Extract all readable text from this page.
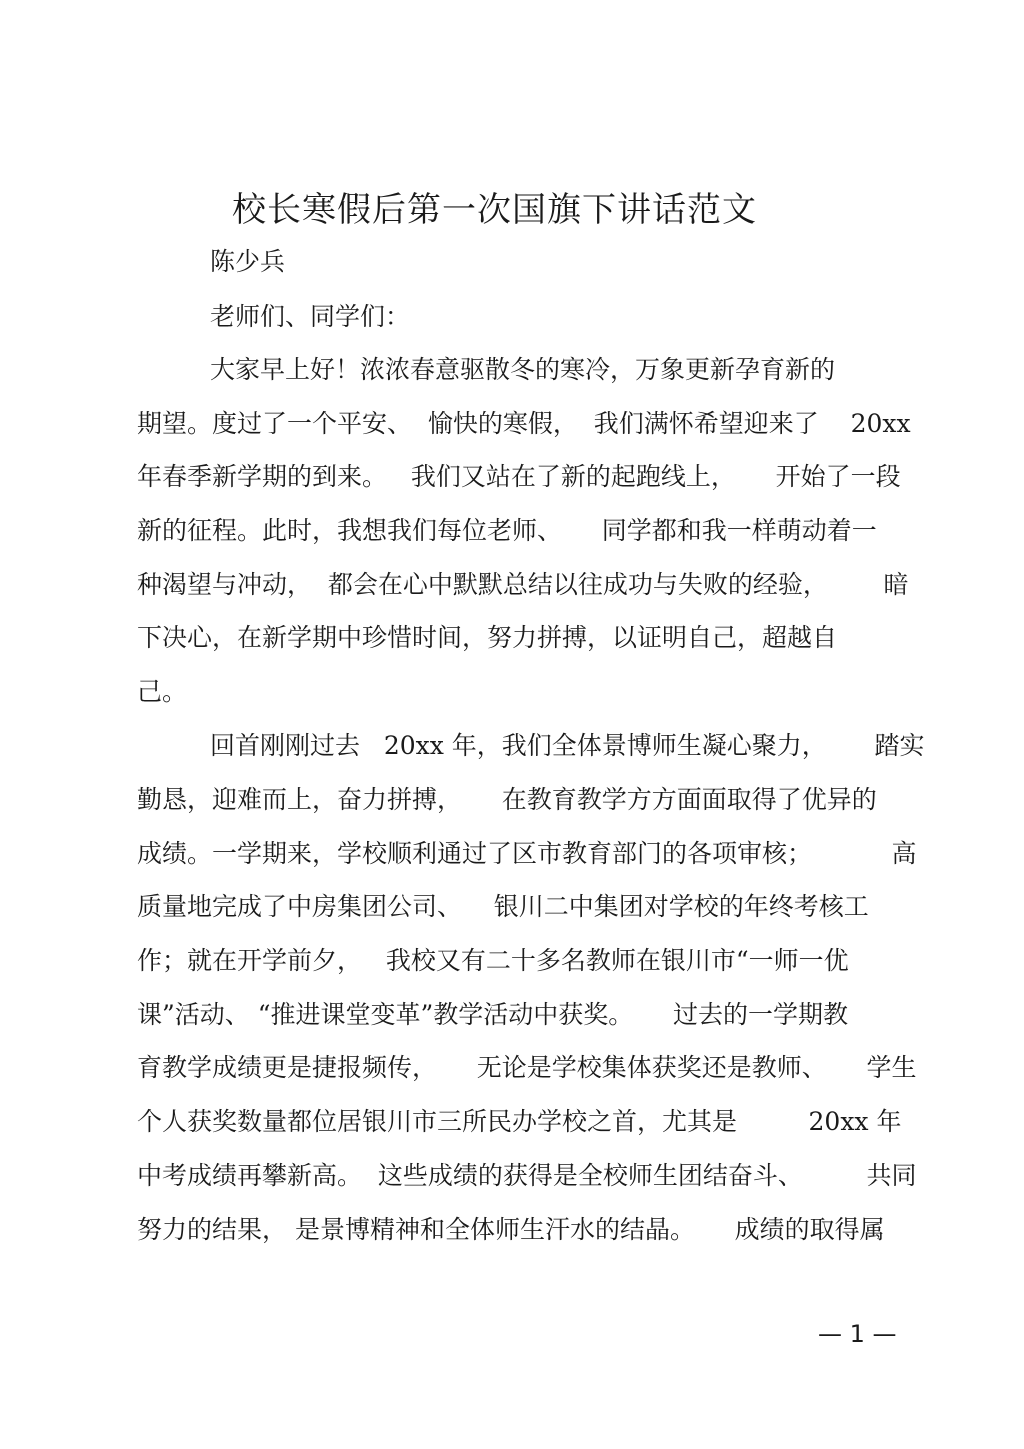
校长寒假后第一次国旗下讲话范文
陈少兵
老师们、同学们：
大家早上好！浓浓春意驱散冬的寒冷，万象更新孕育新的
期望。度过了一个平安、  愉快的寒假，  我们满怀希望迎来了    20xx
年春季新学期的到来。   我们又站在了新的起跑线上，     开始了一段
新的征程。此时，我想我们每位老师、     同学都和我一样萌动着一
种渴望与冲动，  都会在心中默默总结以往成功与失败的经验，       暗
下决心，在新学期中珍惜时间，努力拼搏，以证明自己，超越自
己。
回首刚刚过去   20xx 年，我们全体景博师生凝心聚力，      踏实
勤恳，迎难而上，奋力拼搏，     在教育教学方方面面取得了优异的
成绩。一学期来，学校顺利通过了区市教育部门的各项审核；          高
质量地完成了中房集团公司、    银川二中集团对学校的年终考核工
作；就在开学前夕，   我校又有二十多名教师在银川市“一师一优
课”活动、 “推进课堂变革”教学活动中获奖。     过去的一学期教
育教学成绩更是捷报频传，     无论是学校集体获奖还是教师、     学生
个人获奖数量都位居银川市三所民办学校之首，尤其是         20xx 年
中考成绩再攀新高。  这些成绩的获得是全校师生团结奋斗、        共同
努力的结果， 是景博精神和全体师生汗水的结晶。     成绩的取得属
— 1 —
